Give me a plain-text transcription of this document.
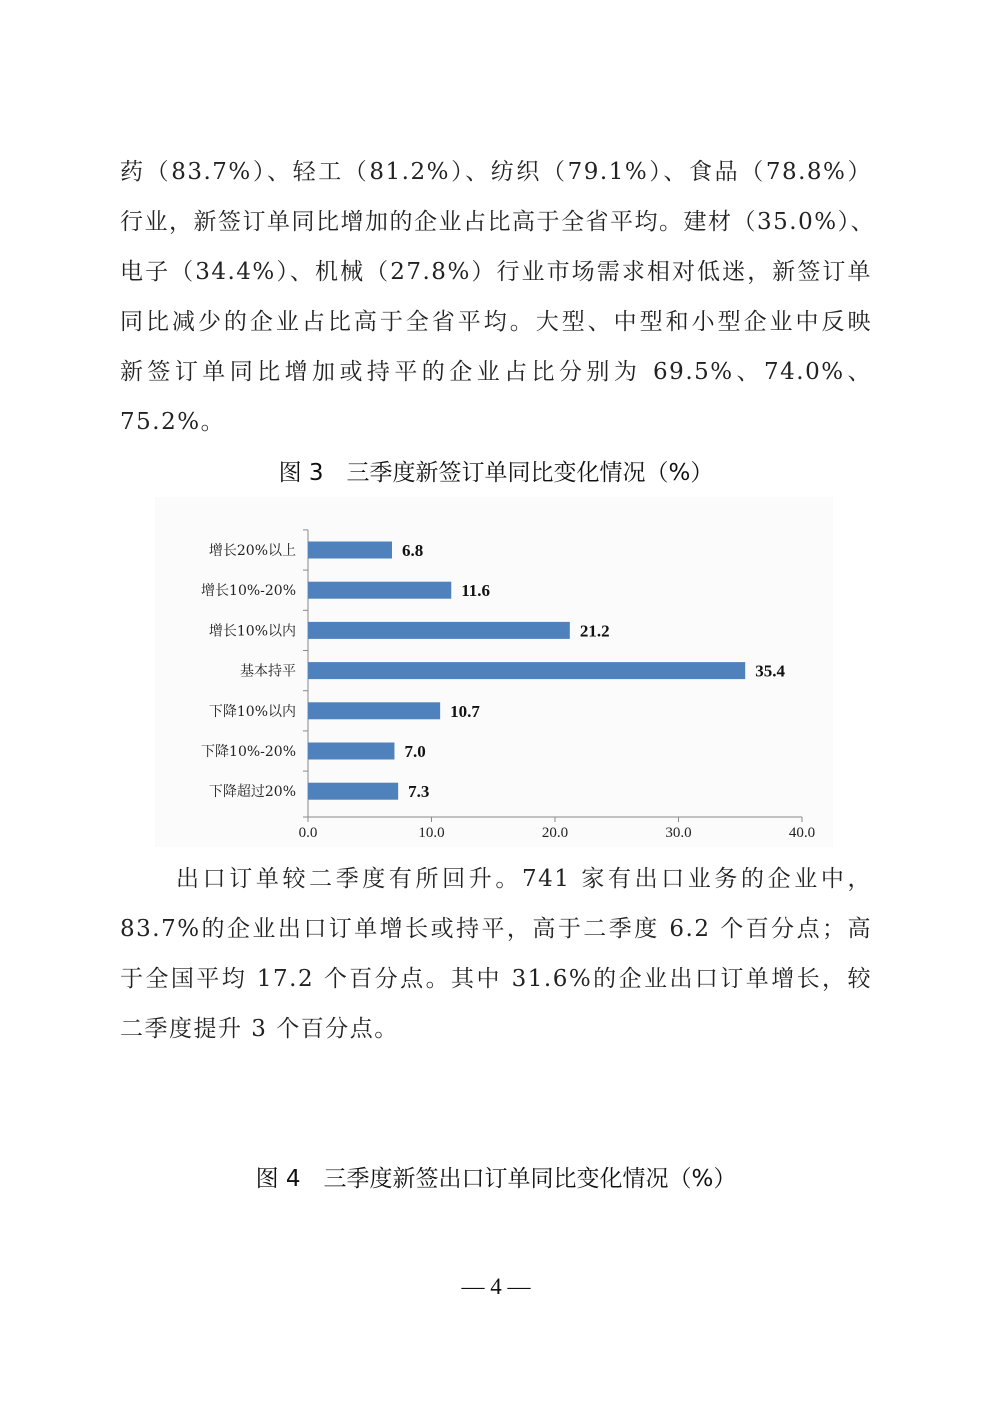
药（83.7%）、轻工（81.2%）、纺织（79.1%）、食品（78.8%）
行业，新签订单同比增加的企业占比高于全省平均。建材（35.0%）、
电子（34.4%）、机械（27.8%）行业市场需求相对低迷，新签订单
同比减少的企业占比高于全省平均。大型、中型和小型企业中反映
新签订单同比增加或持平的企业占比分别为 69.5%、74.0%、
75.2%。
图 3　三季度新签订单同比变化情况（%）
0.0	10.0	20.0	30.0	40.0
增长20%以上	6.8
增长10%-20%	11.6
增长10%以内	21.2
基本持平	35.4
下降10%以内	10.7
下降10%-20%	7.0
下降超过20%	7.3
出口订单较二季度有所回升。741 家有出口业务的企业中，
83.7%的企业出口订单增长或持平，高于二季度 6.2 个百分点；高
于全国平均 17.2 个百分点。其中 31.6%的企业出口订单增长，较
二季度提升 3 个百分点。
图 4　三季度新签出口订单同比变化情况（%）
— 4 —
